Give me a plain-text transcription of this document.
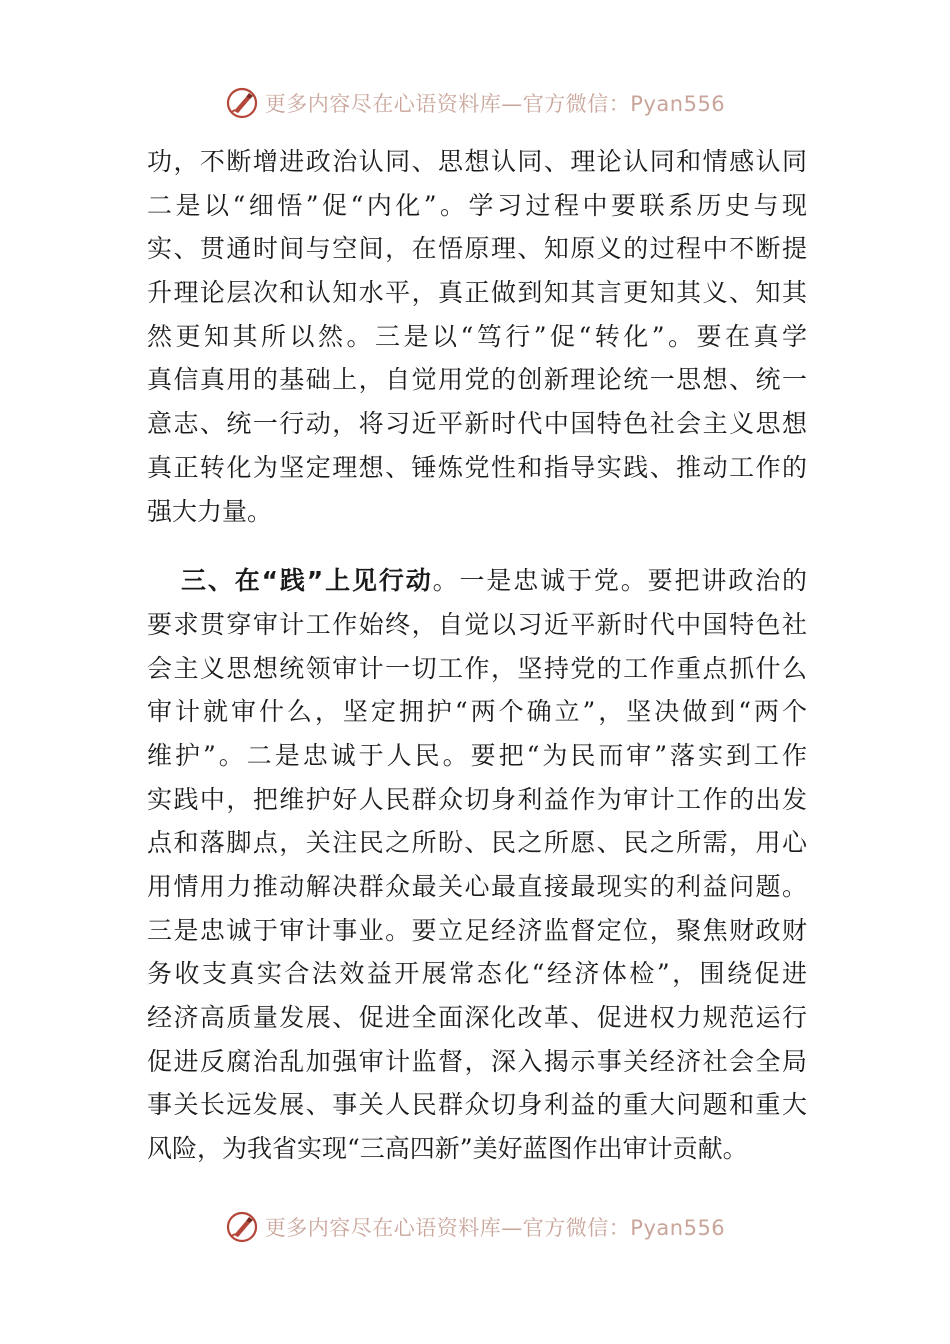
更多内容尽在心语资料库—官方微信：Pyan556
功，不断增进政治认同、思想认同、理论认同和情感认同
二是以“细悟”促“内化”。学习过程中要联系历史与现
实、贯通时间与空间，在悟原理、知原义的过程中不断提
升理论层次和认知水平，真正做到知其言更知其义、知其
然更知其所以然。三是以“笃行”促“转化”。要在真学
真信真用的基础上，自觉用党的创新理论统一思想、统一
意志、统一行动，将习近平新时代中国特色社会主义思想
真正转化为坚定理想、锤炼党性和指导实践、推动工作的
强大力量。
三、在“践”上见行动。一是忠诚于党。要把讲政治的
要求贯穿审计工作始终，自觉以习近平新时代中国特色社
会主义思想统领审计一切工作，坚持党的工作重点抓什么
审计就审什么，坚定拥护“两个确立”，坚决做到“两个
维护”。二是忠诚于人民。要把“为民而审”落实到工作
实践中，把维护好人民群众切身利益作为审计工作的出发
点和落脚点，关注民之所盼、民之所愿、民之所需，用心
用情用力推动解决群众最关心最直接最现实的利益问题。
三是忠诚于审计事业。要立足经济监督定位，聚焦财政财
务收支真实合法效益开展常态化“经济体检”，围绕促进
经济高质量发展、促进全面深化改革、促进权力规范运行
促进反腐治乱加强审计监督，深入揭示事关经济社会全局
事关长远发展、事关人民群众切身利益的重大问题和重大
风险，为我省实现“三高四新”美好蓝图作出审计贡献。
更多内容尽在心语资料库—官方微信：Pyan556
